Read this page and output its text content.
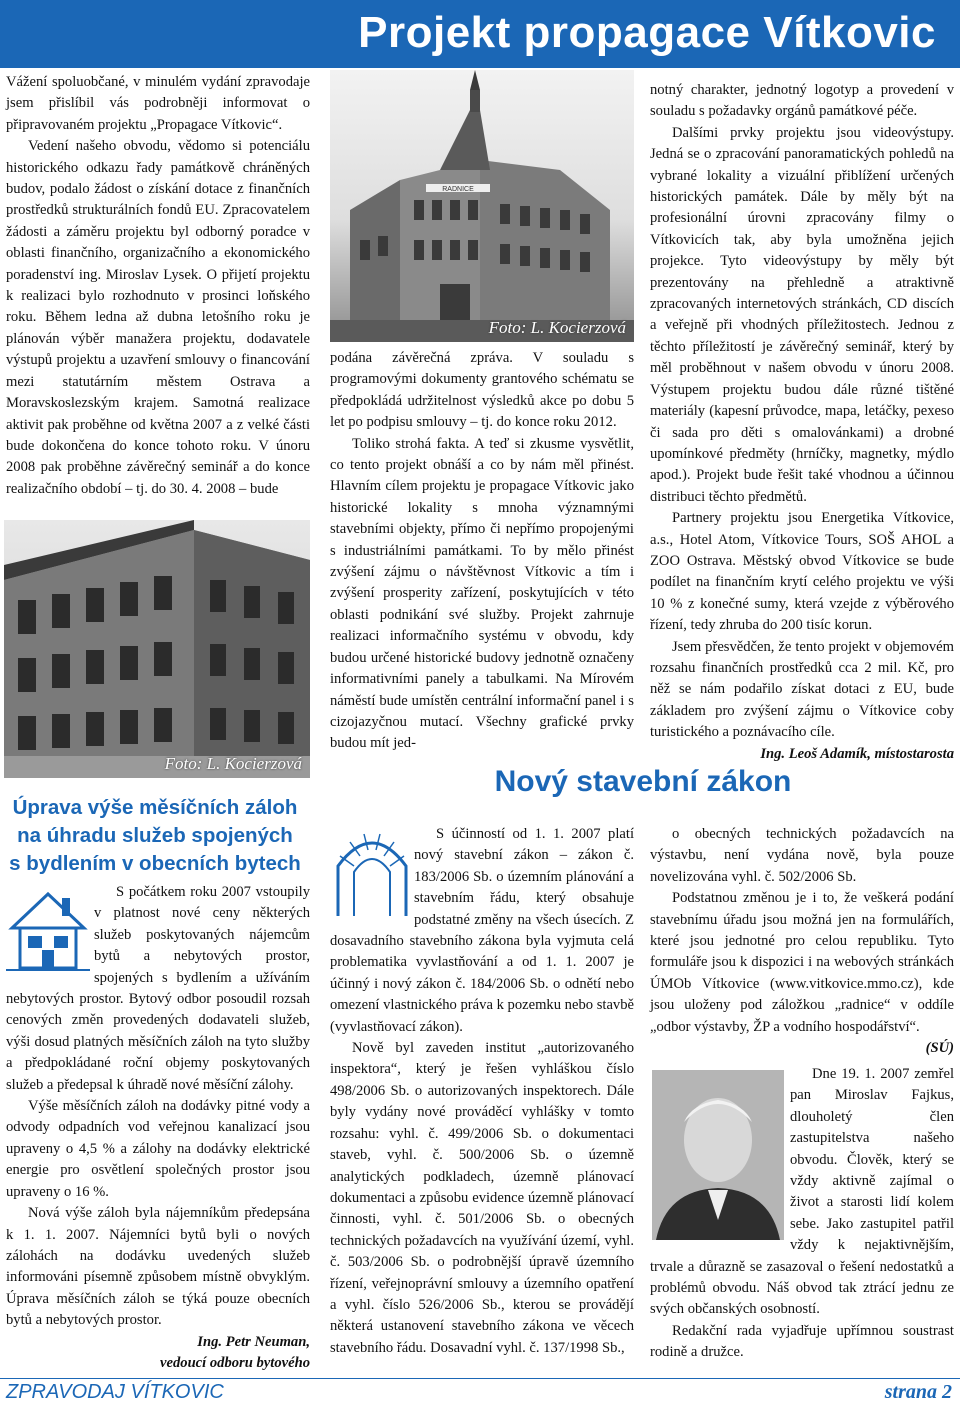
Projekt propagace Vítkovic

Vážení spoluobčané, v minulém vydání zpravodaje jsem přislíbil vás podrobněji informovat o připravovaném projektu „Propagace Vítkovic“.

Vedení našeho obvodu, vědomo si potenciálu historického odkazu řady památkově chráněných budov, podalo žádost o získání dotace z finančních prostředků strukturálních fondů EU. Zpracovatelem žádosti a záměru projektu byl odborný poradce v oblasti finančního, organizačního a ekonomického poradenství ing. Miroslav Lysek. O přijetí projektu k realizaci bylo rozhodnuto v prosinci loňského roku. Během ledna až dubna letošního roku je plánován výběr manažera projektu, dodavatele výstupů projektu a uzavření smlouvy o financování mezi statutárním městem Ostrava a Moravskoslezským krajem. Samotná realizace aktivit pak proběhne od května 2007 a z velké části bude dokončena do konce tohoto roku. V únoru 2008 pak proběhne závěrečný seminář a do konce realizačního období – tj. do 30. 4. 2008 – bude

Foto: L. Kocierzová
RADNICE
Foto: L. Kocierzová

podána závěrečná zpráva. V souladu s programovými dokumenty grantového schématu se předpokládá udržitelnost výsledků akce po dobu 5 let po podpisu smlouvy – tj. do konce roku 2012.

Toliko strohá fakta. A teď si zkusme vysvětlit, co tento projekt obnáší a co by nám měl přinést. Hlavním cílem projektu je propagace Vítkovic jako historické lokality s mnoha významnými stavebními objekty, přímo či nepřímo propojenými s industriálními památkami. To by mělo přinést zvýšení zájmu o návštěvnost Vítkovic a tím i zvýšení prosperity zařízení, poskytujících v této oblasti podnikání své služby. Projekt zahrnuje realizaci informačního systému v obvodu, kdy budou určené historické budovy jednotně označeny informativními panely a tabulkami. Na Mírovém náměstí bude umístěn centrální informační panel i s cizojazyčnou mutací. Všechny grafické prvky budou mít jed-

notný charakter, jednotný logotyp a provedení v souladu s požadavky orgánů památkové péče.

Dalšími prvky projektu jsou videovýstupy. Jedná se o zpracování panoramatických pohledů na vybrané lokality a vizuální přiblížení určených historických památek. Dále by měly být na profesionální úrovni zpracovány filmy o Vítkovicích tak, aby byla umožněna jejich projekce. Tyto videovýstupy by měly být prezentovány na přehledně a atraktivně zpracovaných internetových stránkách, CD discích a veřejně při vhodných příležitostech. Jednou z těchto příležitostí je závěrečný seminář, který by měl proběhnout v našem obvodu v únoru 2008. Výstupem projektu budou dále různé tištěné materiály (kapesní průvodce, mapa, letáčky, pexeso či sada pro děti s omalovánkami) a drobné upomínkové předměty (hrníčky, magnetky, mýdlo apod.). Projekt bude řešit také vhodnou a účinnou distribuci těchto předmětů.

Partnery projektu jsou Energetika Vítkovice, a.s., Hotel Atom, Vítkovice Tours, SOŠ AHOL a ZOO Ostrava. Městský obvod Vítkovice se bude podílet na finančním krytí celého projektu ve výši 10 % z konečné sumy, která vzejde z výběrového řízení, tedy zhruba do 200 tisíc korun.

Jsem přesvědčen, že tento projekt v objemovém rozsahu finančních prostředků cca 2 mil. Kč, pro něž se nám podařilo získat dotaci z EU, bude základem pro zvýšení zájmu o Vítkovice coby turistického a poznávacího cíle.

Ing. Leoš Adamík, místostarosta

Úprava výše měsíčních záloh
na úhradu služeb spojených
s bydlením v obecních bytech

S počátkem roku 2007 vstoupily v platnost nové ceny některých služeb poskytovaných nájemcům bytů a nebytových prostor, spojených s bydlením a užíváním nebytových prostor. Bytový odbor posoudil rozsah cenových změn provedených dodavateli služeb, výši dosud platných měsíčních záloh na tyto služby a předpokládané roční objemy poskytovaných služeb a předepsal k úhradě nové měsíční zálohy.

Výše měsíčních záloh na dodávky pitné vody a odvody odpadních vod veřejnou kanalizací jsou upraveny o 4,5 % a zálohy na dodávky elektrické energie pro osvětlení společných prostor jsou upraveny o 16 %.

Nová výše záloh byla nájemníkům předepsána k 1. 1. 2007. Nájemníci bytů byli o nových zálohách na dodávku uvedených služeb informováni písemně způsobem místně obvyklým. Úprava měsíčních záloh se týká pouze obecních bytů a nebytových prostor.

Ing. Petr Neuman,

vedoucí odboru bytového

Nový stavební zákon

S účinností od 1. 1. 2007 platí nový stavební zákon – zákon č. 183/2006 Sb. o územním plánování a stavebním řádu, který obsahuje podstatné změny na všech úsecích. Z dosavadního stavebního zákona byla vyjmuta celá problematika vyvlastňování a od 1. 1. 2007 je účinný i nový zákon č. 184/2006 Sb. o odnětí nebo omezení vlastnického práva k pozemku nebo stavbě (vyvlastňovací zákon).

Nově byl zaveden institut „autorizovaného inspektora“, který je řešen vyhláškou číslo 498/2006 Sb. o autorizovaných inspektorech. Dále byly vydány nové prováděcí vyhlášky v tomto rozsahu: vyhl. č. 499/2006 Sb. o dokumentaci staveb, vyhl. č. 500/2006 Sb. o územně analytických podkladech, územně plánovací dokumentaci a způsobu evidence územně plánovací činnosti, vyhl. č. 501/2006 Sb. o obecných technických požadavcích na využívání území, vyhl. č. 503/2006 Sb. o podrobnější úpravě územního řízení, veřejnoprávní smlouvy a územního opatření a vyhl. číslo 526/2006 Sb., kterou se provádějí některá ustanovení stavebního zákona ve věcech stavebního řádu. Dosavadní vyhl. č. 137/1998 Sb.,

o obecných technických požadavcích na výstavbu, není vydána nově, byla pouze novelizována vyhl. č. 502/2006 Sb.

Podstatnou změnou je i to, že veškerá podání stavebnímu úřadu jsou možná jen na formulářích, které jsou jednotné pro celou republiku. Tyto formuláře jsou k dispozici i na webových stránkách ÚMOb Vítkovice (www.vitkovice.mmo.cz), kde jsou uloženy pod záložkou „radnice“ v oddíle „odbor výstavby, ŽP a vodního hospodářství“.

(SÚ)

Dne 19. 1. 2007 zemřel pan Miroslav Fajkus, dlouholetý člen zastupitelstva našeho obvodu. Člověk, který se vždy aktivně zajímal o život a starosti lidí kolem sebe. Jako zastupitel patřil vždy k nejaktivnějším, trvale a důrazně se zasazoval o řešení nedostatků a problémů obvodu. Náš obvod tak ztrácí jednu ze svých občanských osobností.

Redakční rada vyjadřuje upřímnou soustrast rodině a družce.

ZPRAVODAJ VÍTKOVIC	strana 2
